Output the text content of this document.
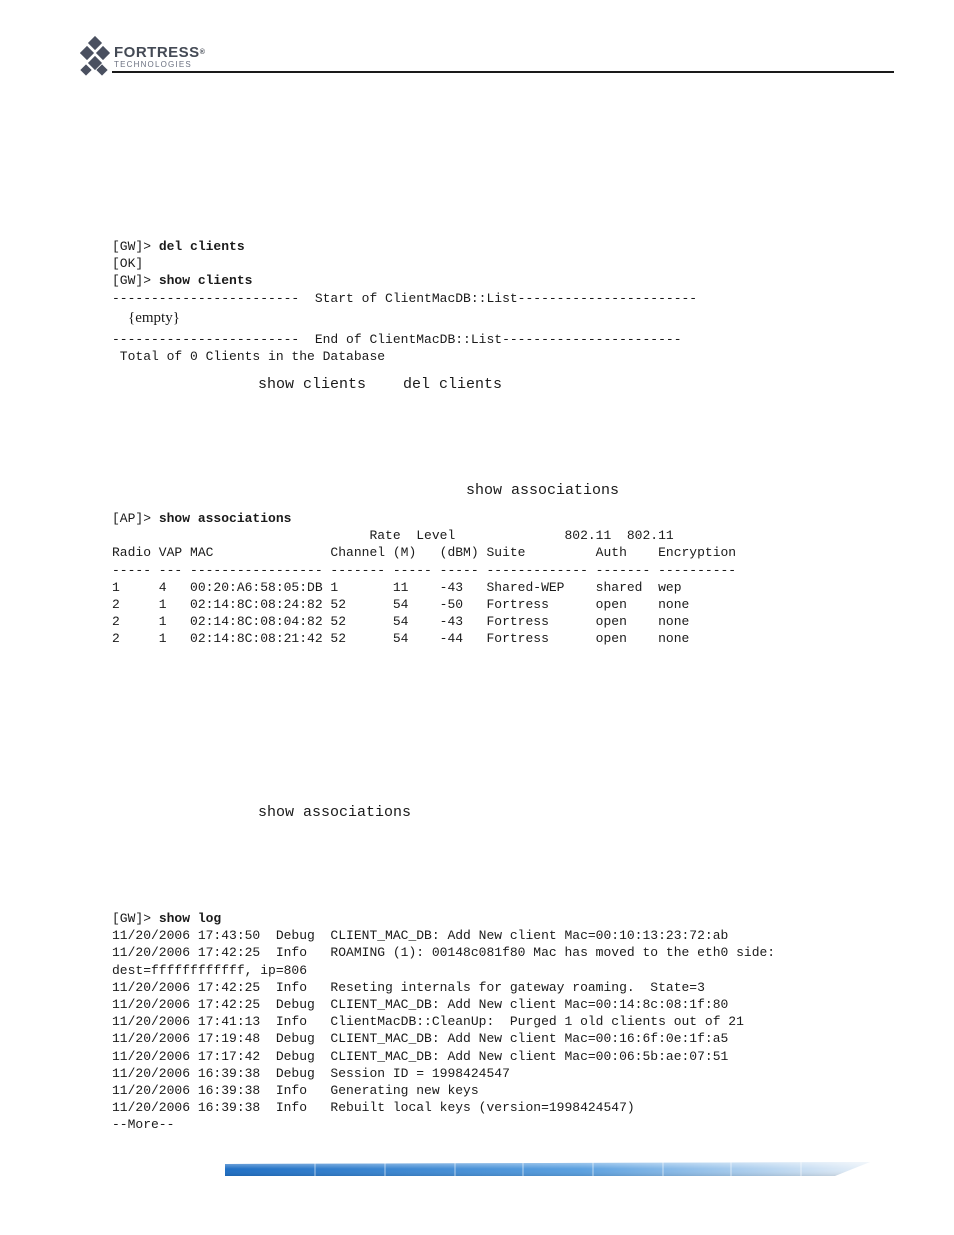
FORTRESS®
TECHNOLOGIES
[GW]> del clients
[OK]
[GW]> show clients
------------------------  Start of ClientMacDB::List-----------------------
{empty}
------------------------  End of ClientMacDB::List-----------------------
Total of 0 Clients in the Database
show clients del clients
show associations
[AP]> show associations
Rate  Level              802.11  802.11
Radio VAP MAC               Channel (M)   (dBM) Suite         Auth    Encryption
----- --- ----------------- ------- ----- ----- ------------- ------- ----------
1     4   00:20:A6:58:05:DB 1       11    -43   Shared-WEP    shared  wep
2     1   02:14:8C:08:24:82 52      54    -50   Fortress      open    none
2     1   02:14:8C:08:04:82 52      54    -43   Fortress      open    none
2     1   02:14:8C:08:21:42 52      54    -44   Fortress      open    none
show associations
[GW]> show log
11/20/2006 17:43:50  Debug  CLIENT_MAC_DB: Add New client Mac=00:10:13:23:72:ab
11/20/2006 17:42:25  Info   ROAMING (1): 00148c081f80 Mac has moved to the eth0 side:
dest=ffffffffffff, ip=806
11/20/2006 17:42:25  Info   Reseting internals for gateway roaming.  State=3
11/20/2006 17:42:25  Debug  CLIENT_MAC_DB: Add New client Mac=00:14:8c:08:1f:80
11/20/2006 17:41:13  Info   ClientMacDB::CleanUp:  Purged 1 old clients out of 21
11/20/2006 17:19:48  Debug  CLIENT_MAC_DB: Add New client Mac=00:16:6f:0e:1f:a5
11/20/2006 17:17:42  Debug  CLIENT_MAC_DB: Add New client Mac=00:06:5b:ae:07:51
11/20/2006 16:39:38  Debug  Session ID = 1998424547
11/20/2006 16:39:38  Info   Generating new keys
11/20/2006 16:39:38  Info   Rebuilt local keys (version=1998424547)
--More--
